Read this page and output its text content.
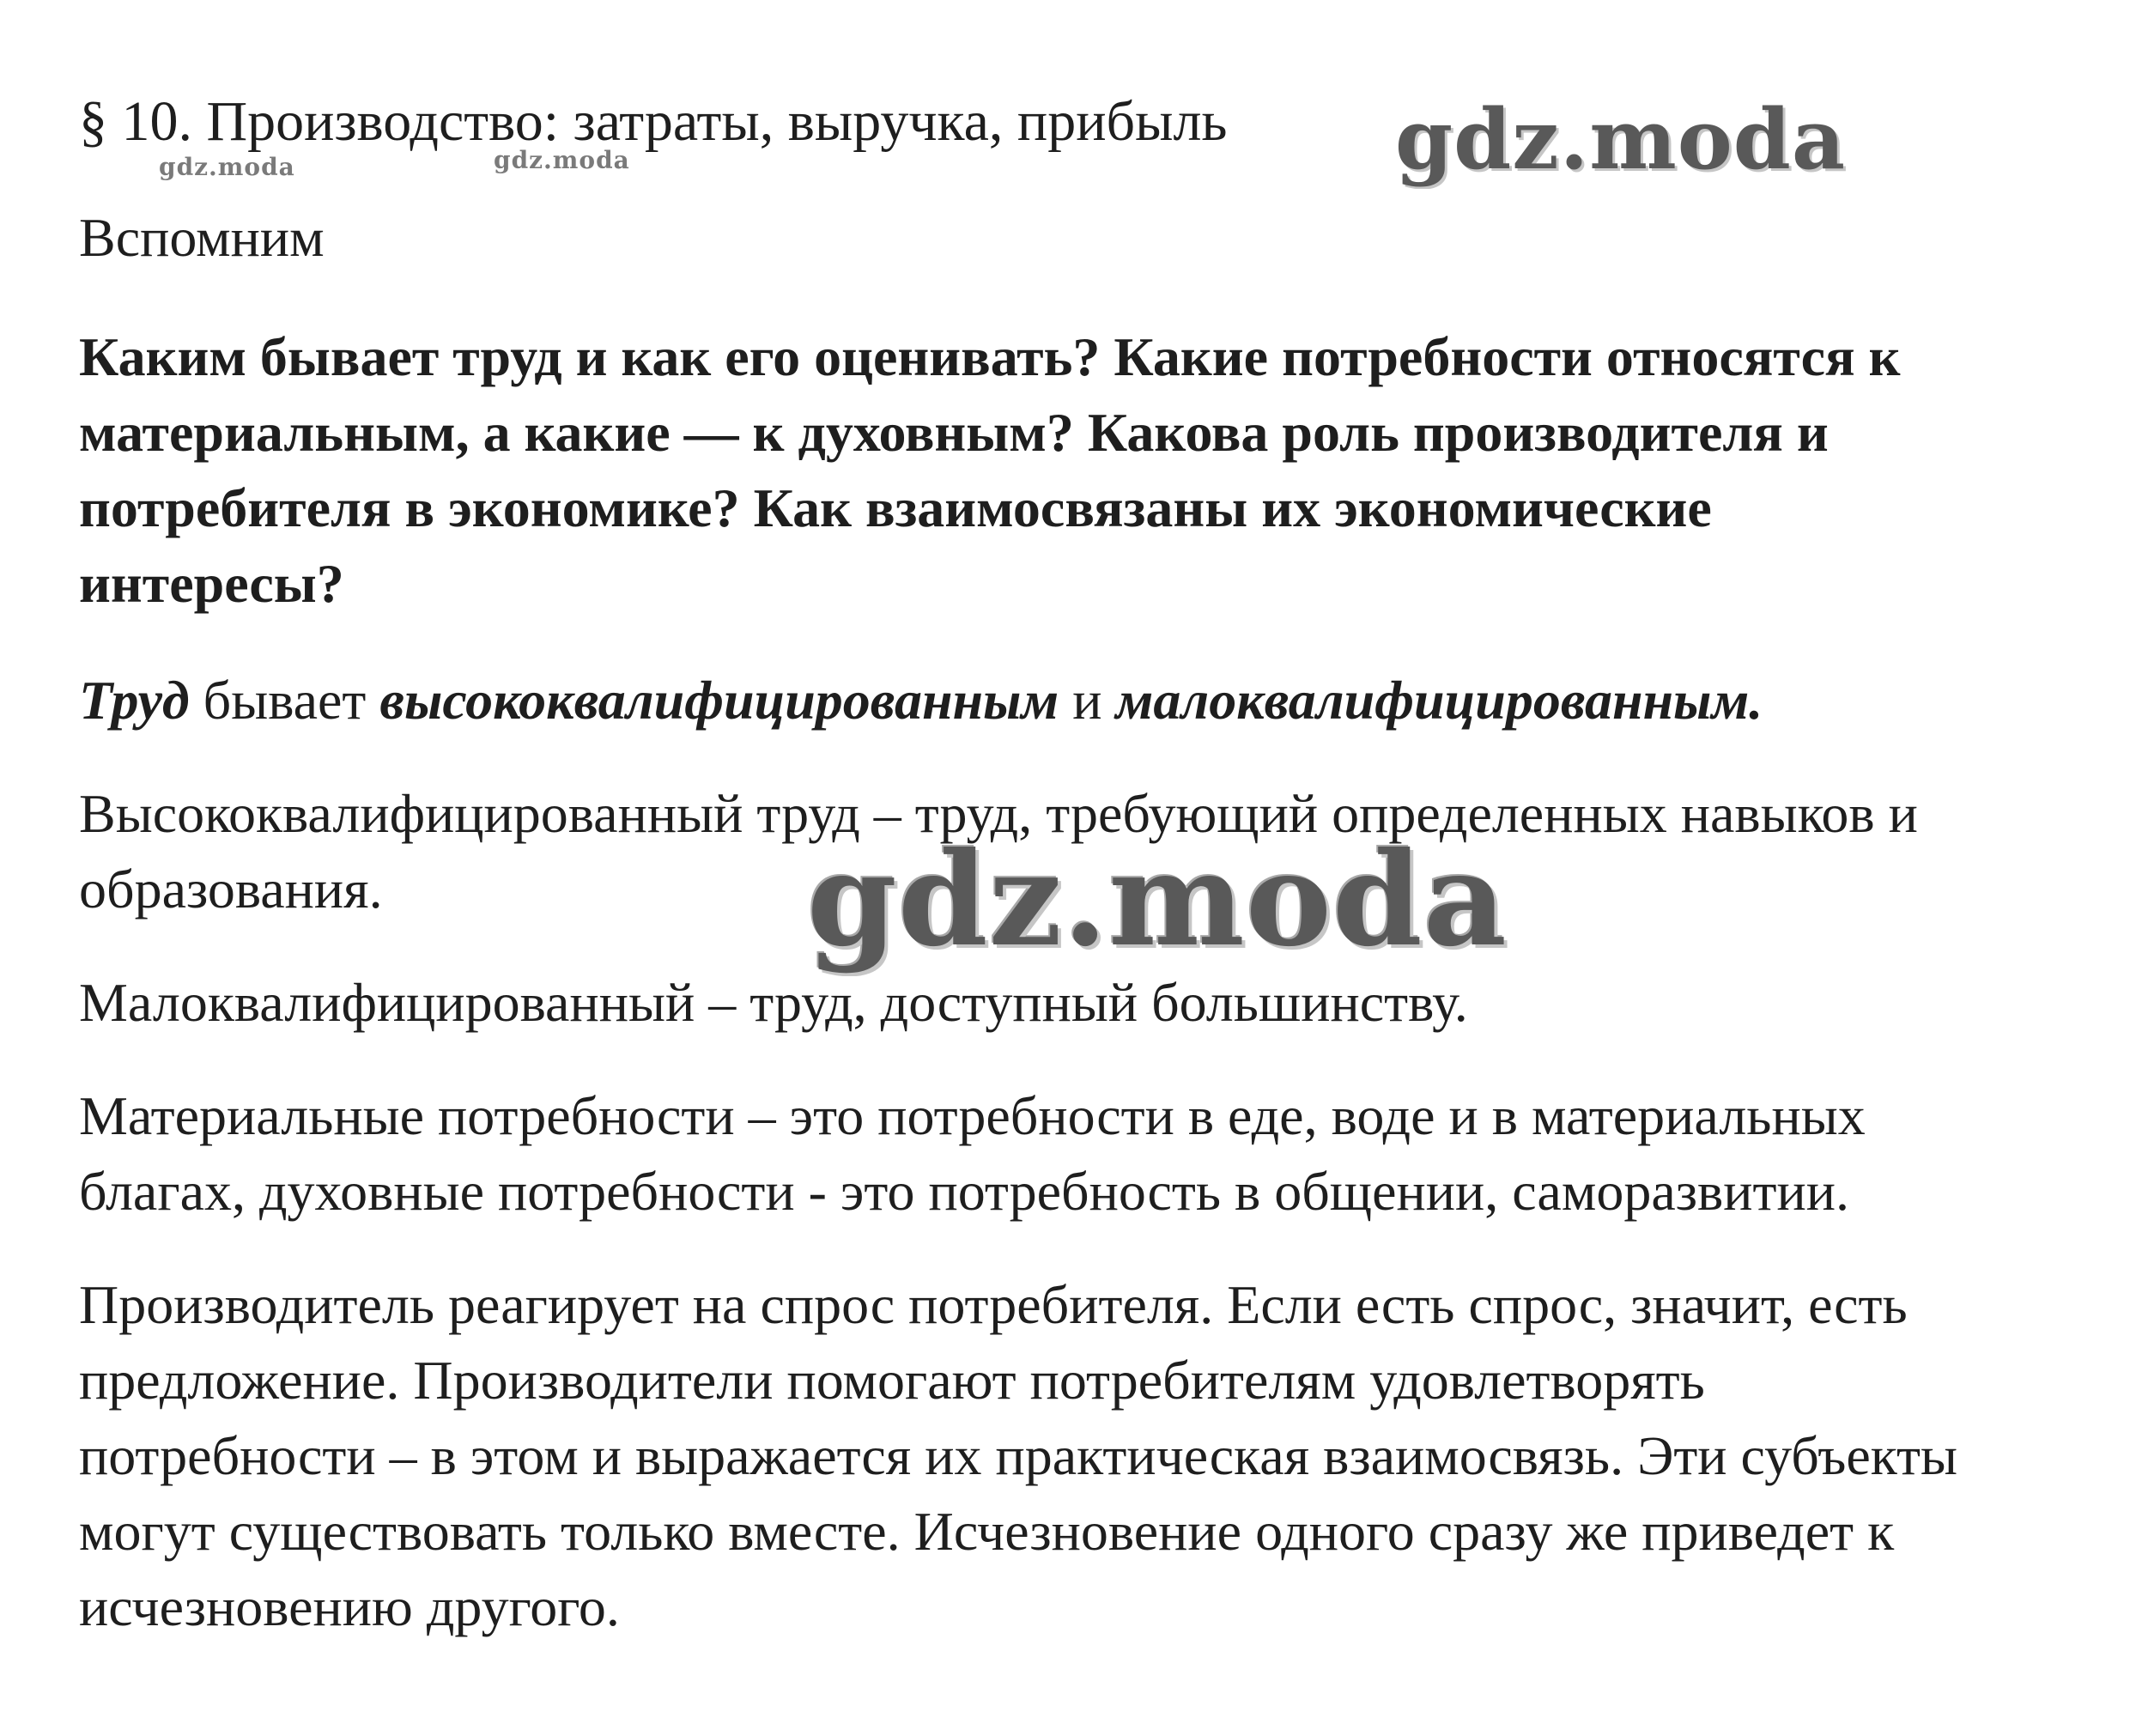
§ 10. Производство: затраты, выручка, прибыль gdz.moda
gdz.moda	gdz.moda
Вспомним
Каким бывает труд и как его оценивать? Какие потребности относятся к
материальным, а какие — к духовным? Какова роль производителя и
потребителя в экономике? Как взаимосвязаны их экономические
интересы?
Труд бывает высококвалифицированным и малоквалифицированным.
Высококвалифицированный труд – труд, требующий определенных навыков и
образования.	gdz.moda
Малоквалифицированный – труд, доступный большинству.
Материальные потребности – это потребности в еде, воде и в материальных
благах, духовные потребности - это потребность в общении, саморазвитии.
Производитель реагирует на спрос потребителя. Если есть спрос, значит, есть
предложение. Производители помогают потребителям удовлетворять
потребности – в этом и выражается их практическая взаимосвязь. Эти субъекты
могут существовать только вместе. Исчезновение одного сразу же приведет к
исчезновению другого.
